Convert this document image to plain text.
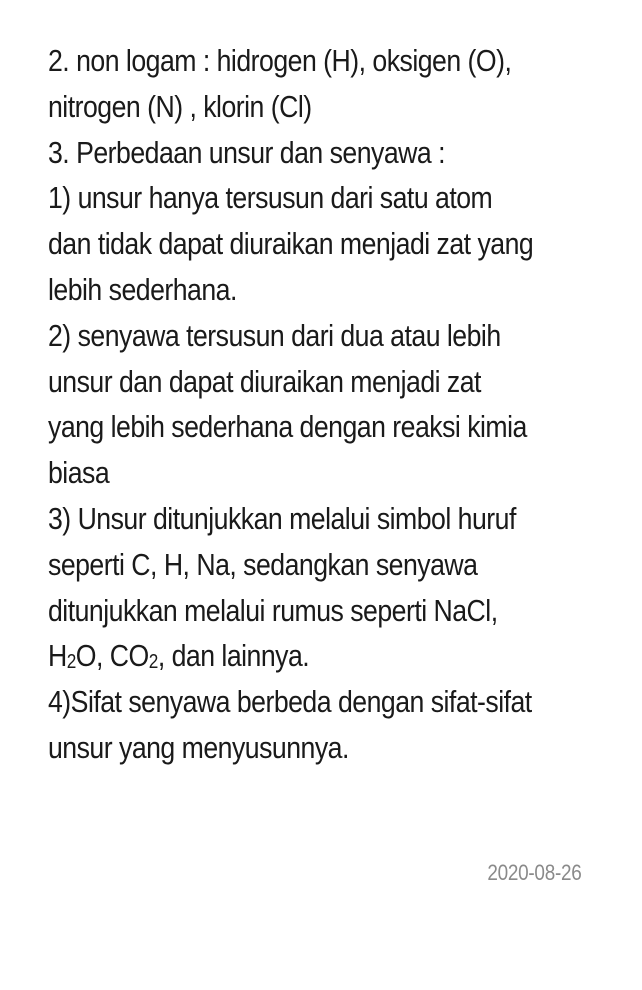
2. non logam : hidrogen (H), oksigen (O),
nitrogen (N) , klorin (Cl)
3. Perbedaan unsur dan senyawa :
1) unsur hanya tersusun dari satu atom
dan tidak dapat diuraikan menjadi zat yang
lebih sederhana.
2) senyawa tersusun dari dua atau lebih
unsur dan dapat diuraikan menjadi zat
yang lebih sederhana dengan reaksi kimia
biasa
3) Unsur ditunjukkan melalui simbol huruf
seperti C, H, Na, sedangkan senyawa
ditunjukkan melalui rumus seperti NaCl,
$H_2O$, $CO_2$, dan lainnya.
4)Sifat senyawa berbeda dengan sifat-sifat
unsur yang menyusunnya.
2020-08-26
